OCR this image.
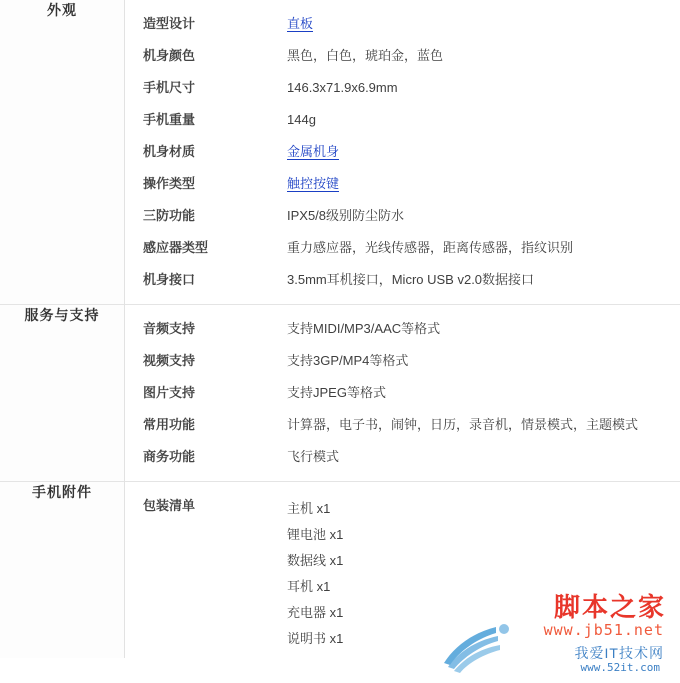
外观	
造型设计	直板
机身颜色	黑色，白色，琥珀金，蓝色
手机尺寸	146.3x71.9x6.9mm
手机重量	144g
机身材质	金属机身
操作类型	触控按键
三防功能	IPX5/8级别防尘防水
感应器类型	重力感应器，光线传感器，距离传感器，指纹识别
机身接口	3.5mm耳机接口，Micro USB v2.0数据接口

服务与支持	
音频支持	支持MIDI/MP3/AAC等格式
视频支持	支持3GP/MP4等格式
图片支持	支持JPEG等格式
常用功能	计算器，电子书，闹钟，日历，录音机，情景模式，主题模式
商务功能	飞行模式

手机附件	
包装清单	主机 x1
锂电池 x1
数据线 x1
耳机 x1
充电器 x1
说明书 x1
脚本之家
www.jb51.net
我爱IT技术网
www.52it.com
